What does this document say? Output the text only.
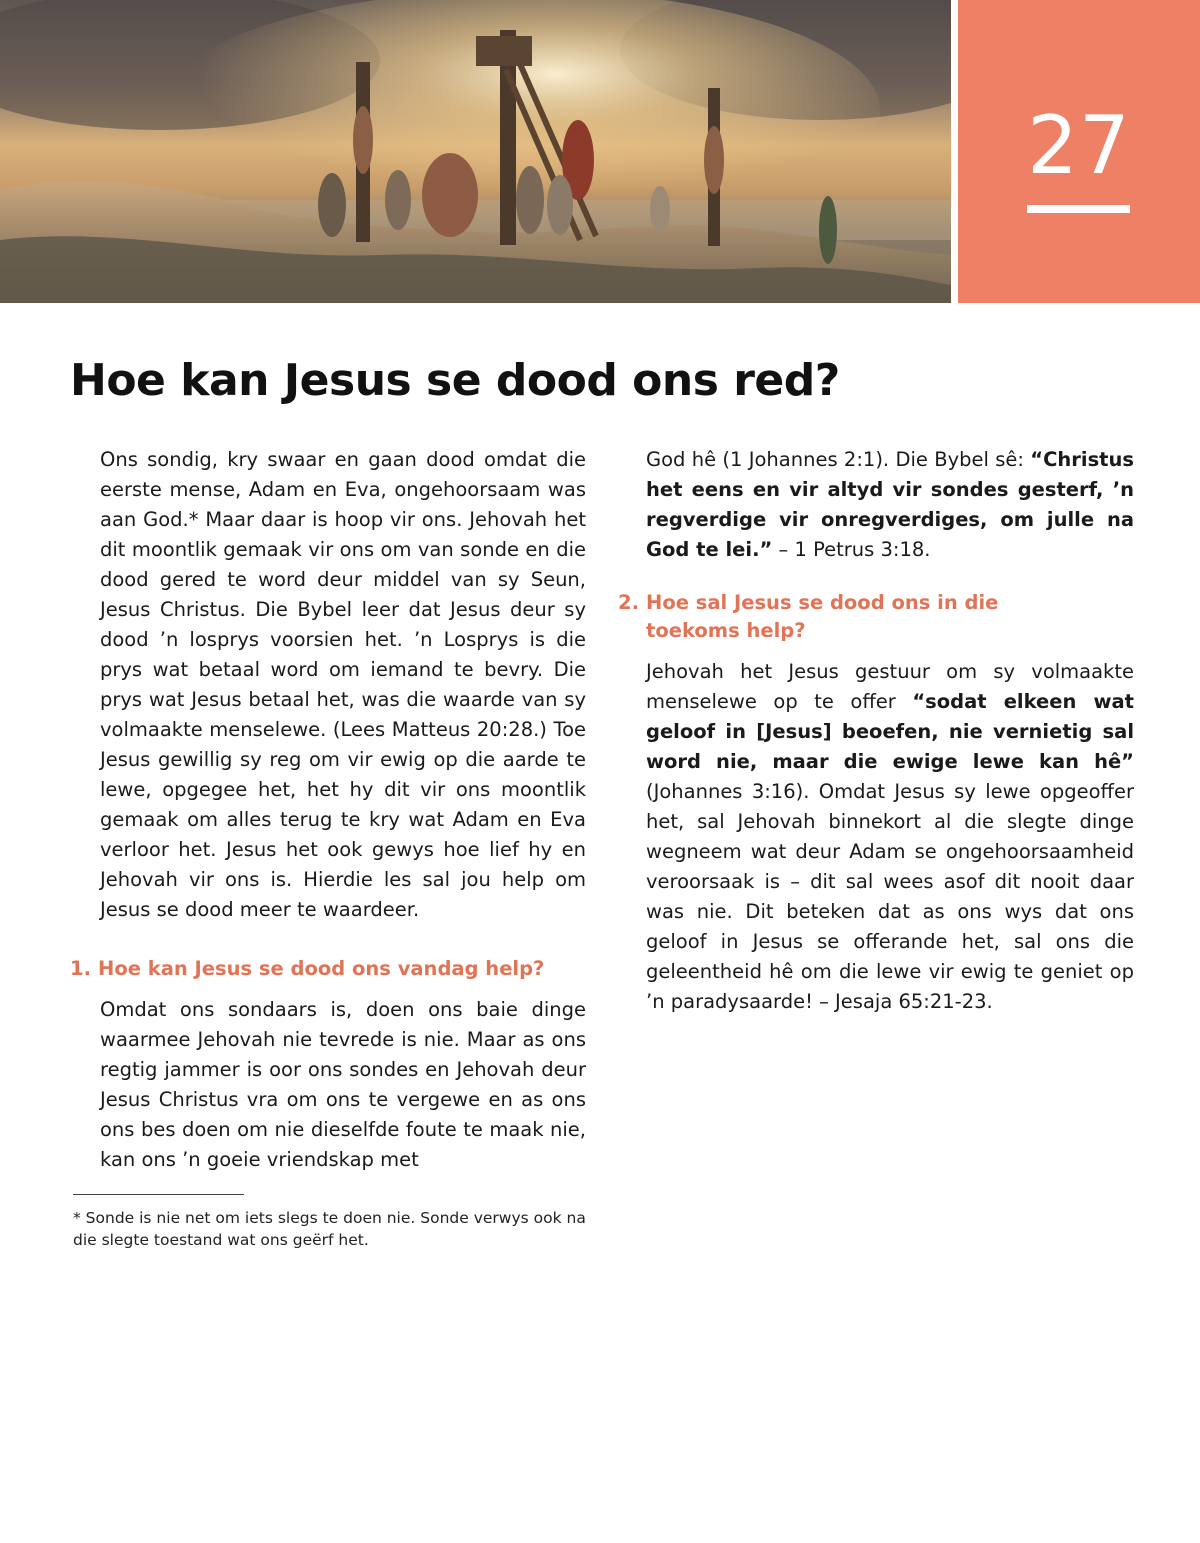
27
Hoe kan Jesus se dood ons red?

Ons sondig, kry swaar en gaan dood omdat die eerste mense, Adam en Eva, ongehoorsaam was aan God.* Maar daar is hoop vir ons. Jehovah het dit moontlik gemaak vir ons om van sonde en die dood gered te word deur middel van sy Seun, Jesus Christus. Die Bybel leer dat Jesus deur sy dood ’n losprys voorsien het. ’n Losprys is die prys wat betaal word om iemand te bevry. Die prys wat Jesus betaal het, was die waarde van sy volmaakte menselewe. (Lees Matteus 20:28.) Toe Jesus gewillig sy reg om vir ewig op die aarde te lewe, opgegee het, het hy dit vir ons moontlik gemaak om alles terug te kry wat Adam en Eva verloor het. Jesus het ook gewys hoe lief hy en Jehovah vir ons is. Hierdie les sal jou help om Jesus se dood meer te waardeer.

1. Hoe kan Jesus se dood ons vandag help?

Omdat ons sondaars is, doen ons baie dinge waarmee Jehovah nie tevrede is nie. Maar as ons regtig jammer is oor ons sondes en Jehovah deur Jesus Christus vra om ons te vergewe en as ons ons bes doen om nie dieselfde foute te maak nie, kan ons ’n goeie vriendskap met

* Sonde is nie net om iets slegs te doen nie. Sonde verwys ook na die slegte toestand wat ons geërf het.

God hê (1 Johannes 2:1). Die Bybel sê: “Christus het eens en vir altyd vir sondes gesterf, ’n regverdige vir onregverdiges, om julle na God te lei.” – 1 Petrus 3:18.

2. Hoe sal Jesus se dood ons in die toekoms help?

Jehovah het Jesus gestuur om sy volmaakte menselewe op te offer “sodat elkeen wat geloof in [Jesus] beoefen, nie vernietig sal word nie, maar die ewige lewe kan hê” (Johannes 3:16). Omdat Jesus sy lewe opgeoffer het, sal Jehovah binnekort al die slegte dinge wegneem wat deur Adam se ongehoorsaamheid veroorsaak is – dit sal wees asof dit nooit daar was nie. Dit beteken dat as ons wys dat ons geloof in Jesus se offerande het, sal ons die geleentheid hê om die lewe vir ewig te geniet op ’n paradysaarde! – Jesaja 65:21-23.
